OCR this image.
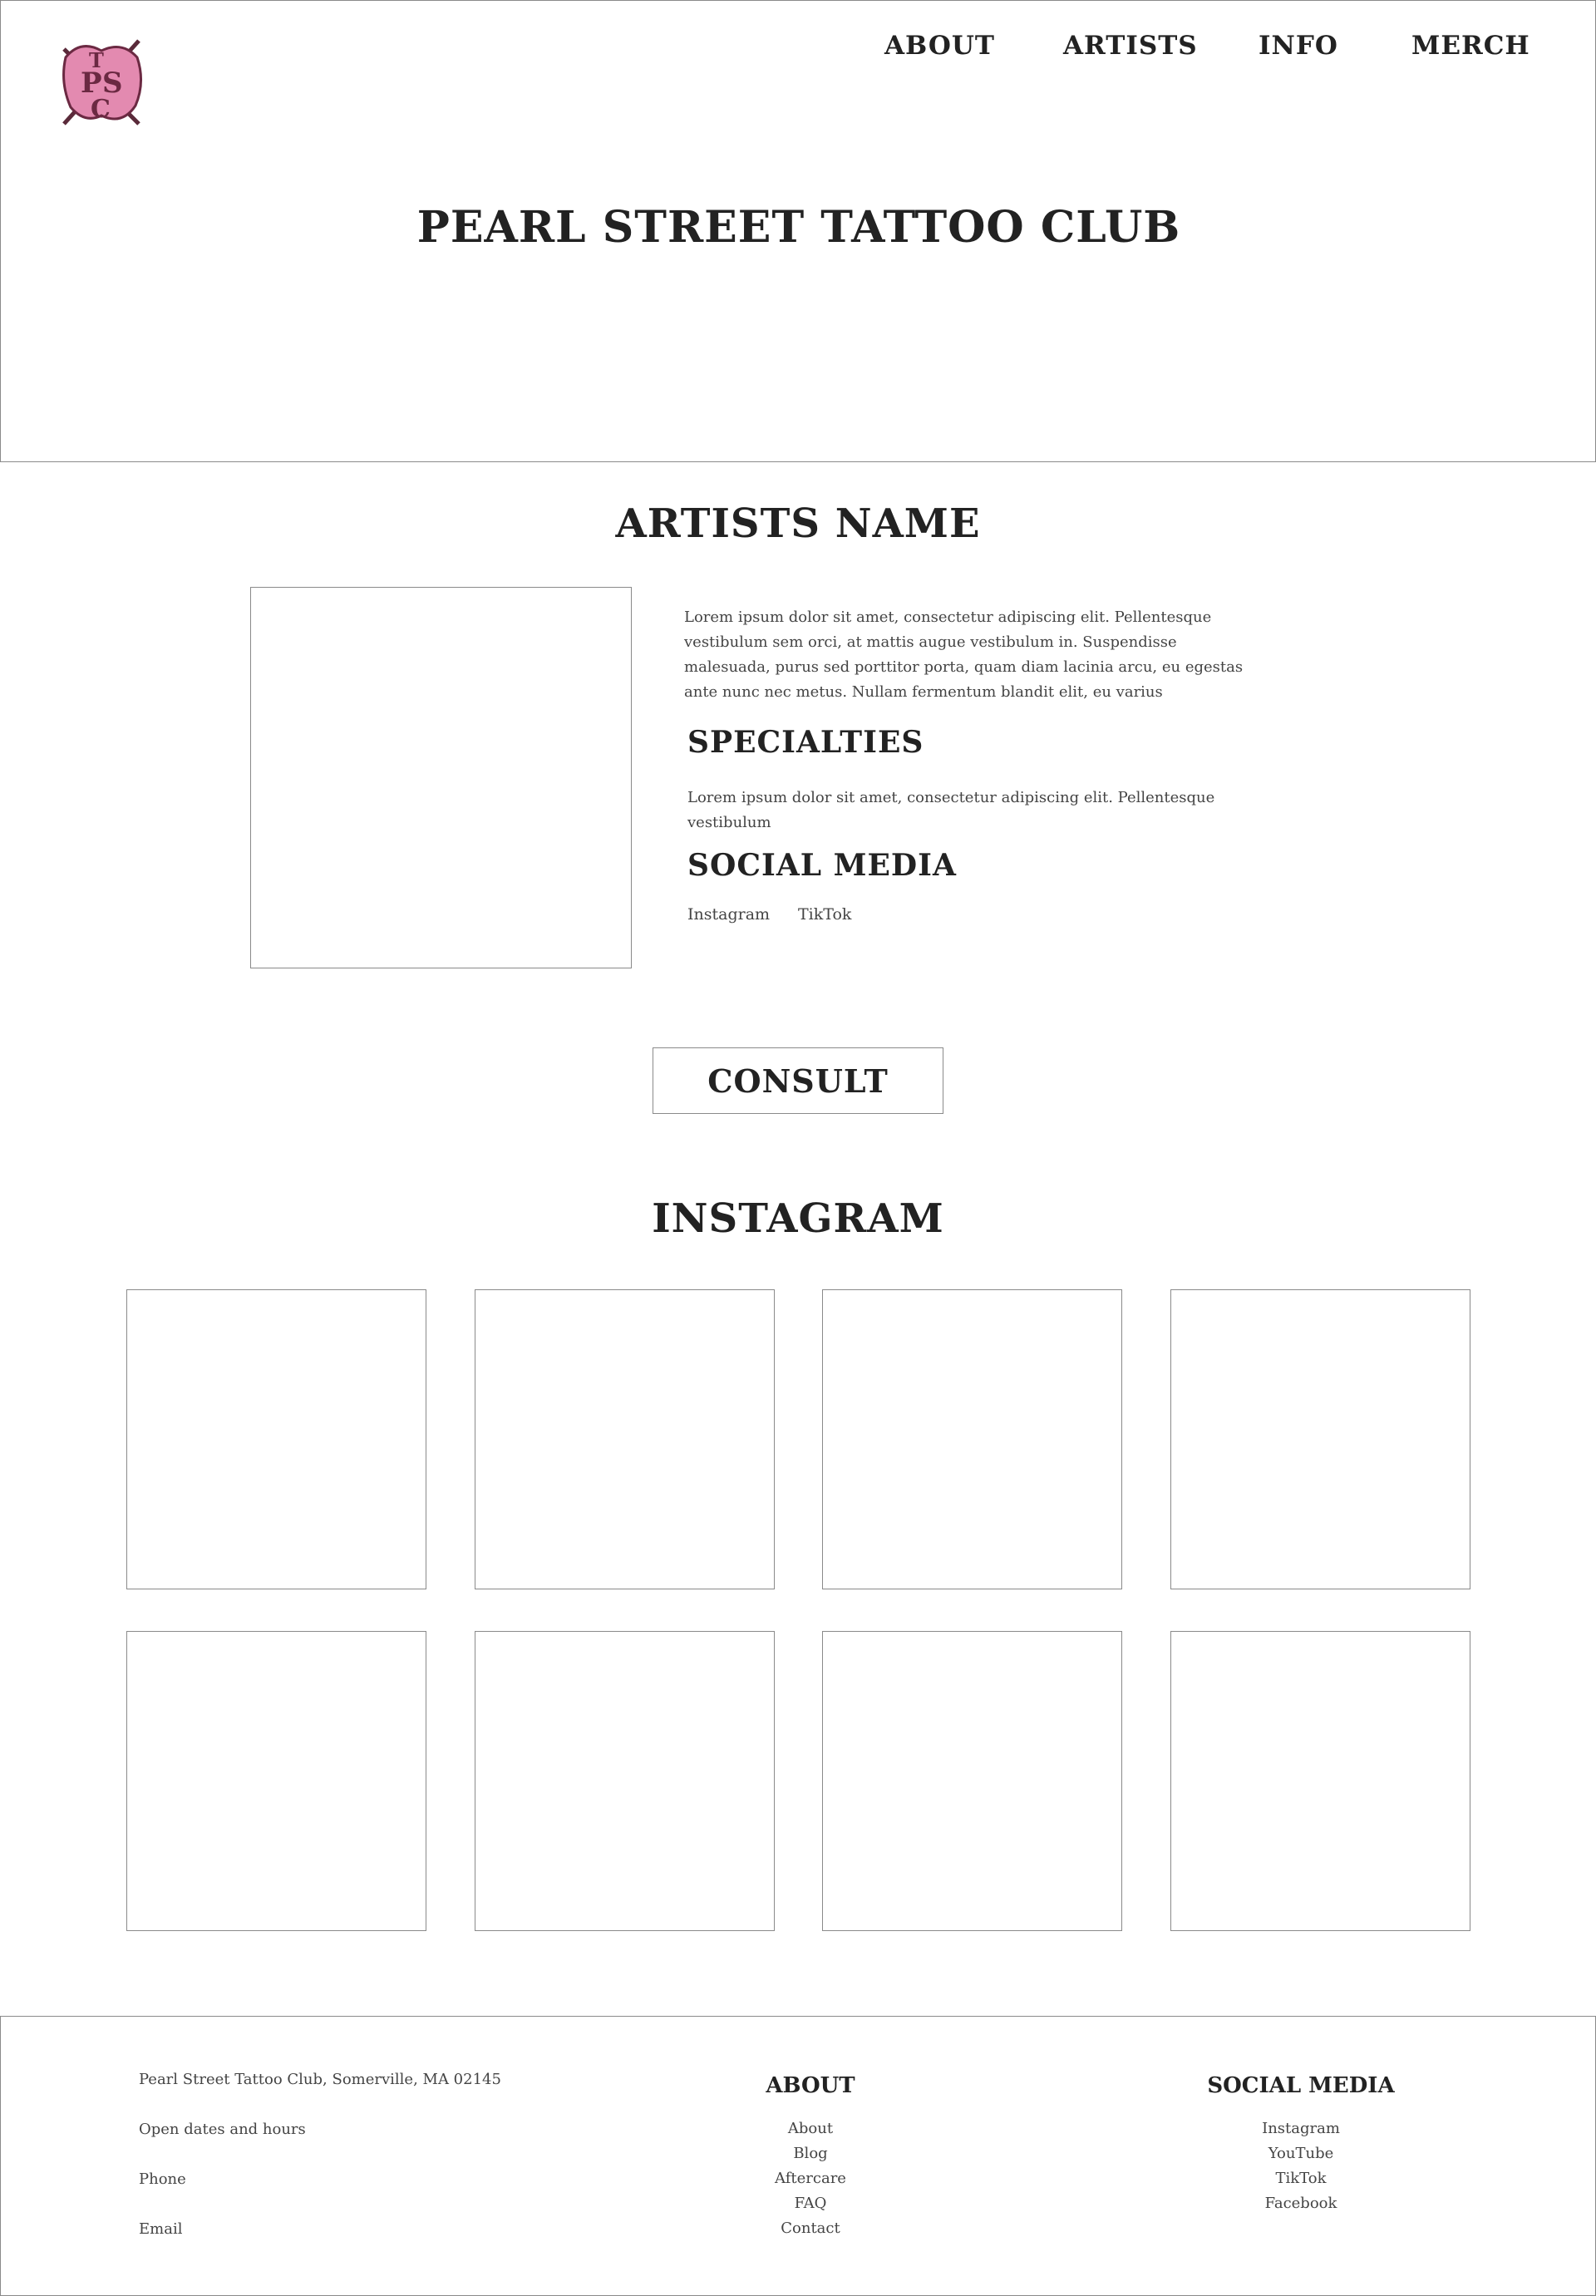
P S
C
T	ABOUT	ARTISTS INFO	MERCH
PEARL STREET TATTOO CLUB
ARTISTS NAME

Lorem ipsum dolor sit amet, consectetur adipiscing elit. Pellentesque vestibulum sem orci, at mattis augue vestibulum in. Suspendisse malesuada, purus sed porttitor porta, quam diam lacinia arcu, eu egestas ante nunc nec metus. Nullam fermentum blandit elit, eu varius

SPECIALTIES

Lorem ipsum dolor sit amet, consectetur adipiscing elit. Pellentesque vestibulum

SOCIAL MEDIA
Instagram TikTok
CONSULT
INSTAGRAM
Pearl Street Tattoo Club, Somerville, MA 02145
Open dates and hours
Phone
Email
ABOUT
About
Blog
Aftercare
FAQ
Contact
SOCIAL MEDIA
Instagram
YouTube
TikTok
Facebook
